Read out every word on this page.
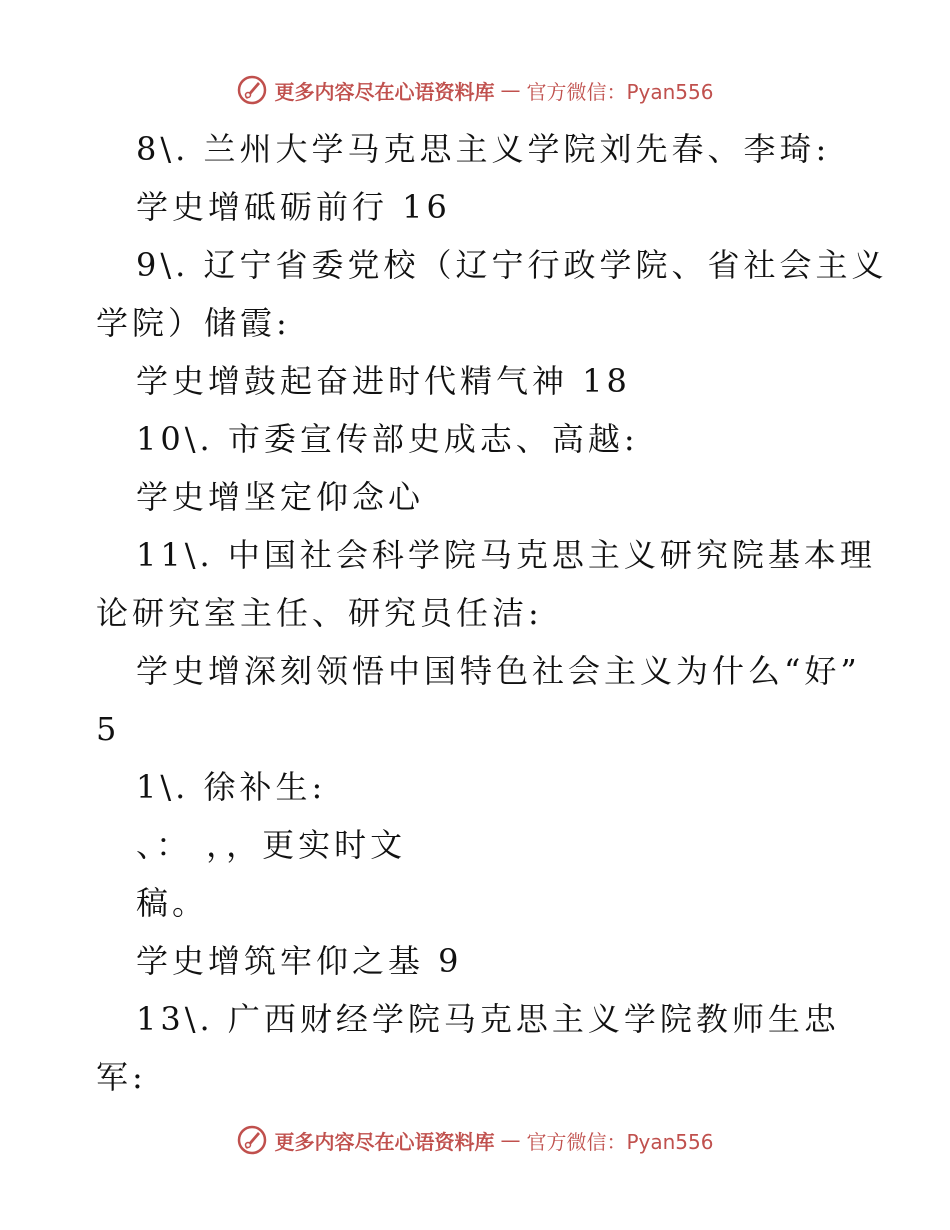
更多内容尽在心语资料库 — 官方微信：Pyan556
8\. 兰州大学马克思主义学院刘先春、李琦:
学史增砥砺前行 16
9\. 辽宁省委党校（辽宁行政学院、省社会主义
学院）储霞:
学史增鼓起奋进时代精气神 18
10\. 市委宣传部史成志、高越:
学史增坚定仰念心
11\. 中国社会科学院马克思主义研究院基本理
论研究室主任、研究员任洁:
学史增深刻领悟中国特色社会主义为什么“好”
5
1\. 徐补生:
、： ，，更实时文
稿。
学史增筑牢仰之基 9
13\. 广西财经学院马克思主义学院教师生忠
军:
更多内容尽在心语资料库 — 官方微信：Pyan556
